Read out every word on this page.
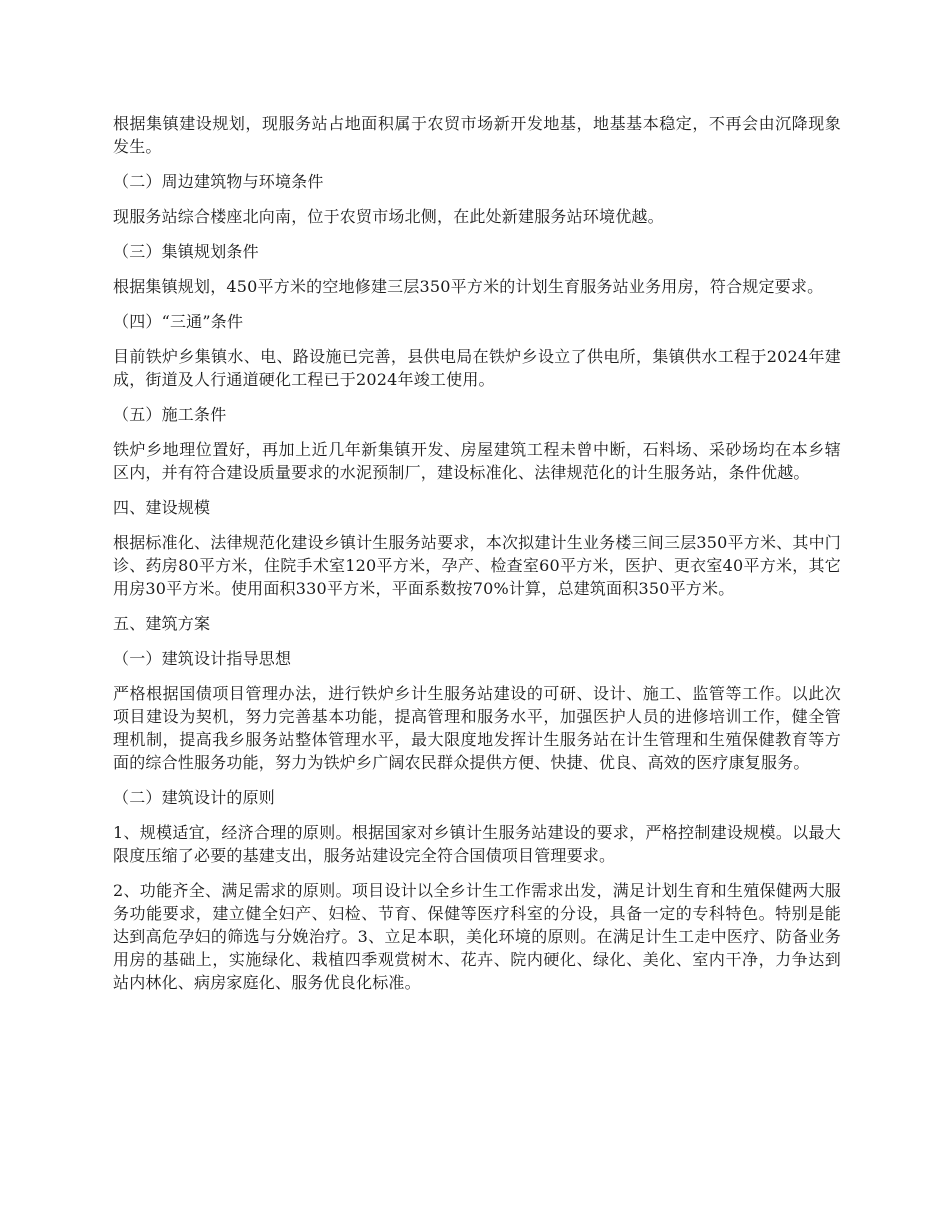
根据集镇建设规划，现服务站占地面积属于农贸市场新开发地基，地基基本稳定，不再会由沉降现象发生。

（二）周边建筑物与环境条件

现服务站综合楼座北向南，位于农贸市场北侧，在此处新建服务站环境优越。

（三）集镇规划条件

根据集镇规划，450平方米的空地修建三层350平方米的计划生育服务站业务用房，符合规定要求。

（四）“三通”条件

目前铁炉乡集镇水、电、路设施已完善，县供电局在铁炉乡设立了供电所，集镇供水工程于2024年建成，街道及人行通道硬化工程已于2024年竣工使用。

（五）施工条件

铁炉乡地理位置好，再加上近几年新集镇开发、房屋建筑工程未曾中断，石料场、采砂场均在本乡辖区内，并有符合建设质量要求的水泥预制厂，建设标准化、法律规范化的计生服务站，条件优越。

四、建设规模

根据标准化、法律规范化建设乡镇计生服务站要求，本次拟建计生业务楼三间三层350平方米、其中门诊、药房80平方米，住院手术室120平方米，孕产、检查室60平方米，医护、更衣室40平方米，其它用房30平方米。使用面积330平方米，平面系数按70%计算，总建筑面积350平方米。

五、建筑方案

（一）建筑设计指导思想

严格根据国债项目管理办法，进行铁炉乡计生服务站建设的可研、设计、施工、监管等工作。以此次项目建设为契机，努力完善基本功能，提高管理和服务水平，加强医护人员的进修培训工作，健全管理机制，提高我乡服务站整体管理水平，最大限度地发挥计生服务站在计生管理和生殖保健教育等方面的综合性服务功能，努力为铁炉乡广阔农民群众提供方便、快捷、优良、高效的医疗康复服务。

（二）建筑设计的原则

1、规模适宜，经济合理的原则。根据国家对乡镇计生服务站建设的要求，严格控制建设规模。以最大限度压缩了必要的基建支出，服务站建设完全符合国债项目管理要求。

2、功能齐全、满足需求的原则。项目设计以全乡计生工作需求出发，满足计划生育和生殖保健两大服务功能要求，建立健全妇产、妇检、节育、保健等医疗科室的分设，具备一定的专科特色。特别是能达到高危孕妇的筛选与分娩治疗。3、立足本职，美化环境的原则。在满足计生工走中医疗、防备业务用房的基础上，实施绿化、栽植四季观赏树木、花卉、院内硬化、绿化、美化、室内干净，力争达到站内林化、病房家庭化、服务优良化标准。
